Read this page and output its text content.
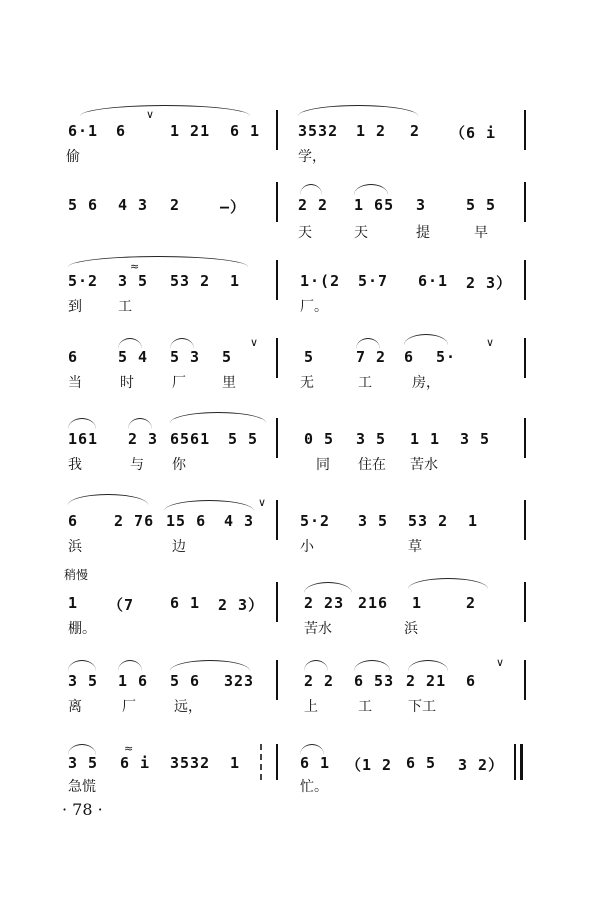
∨
6·1 6	1 21 6 1
偷
3532 1 2 2 （6 i
学，
5 6 4 3 2	–）	2 2 1 65 3	5 5
天	天	提	早
≈
5·2 3 5 53 2 1
到	工
1·(2 5·7 6·1 2 3）
厂。
∨
6	5 4 5 3 5
当	时	厂	里
∨
5	7 2 6 5·
无	工	房，
161 2 3 6561 5 5
我	与 你
0 5 3 5 1 1 3 5
同 住在 苦水
∨
6 2 76 15 6 4 3
浜	边
5·2 3 5 53 2 1
小	草
稍慢
1 （7 6 1 2 3）
棚。
2 23 216 1	2
苦水	浜
3 5 1 6 5 6 323
离	厂	远，
∨
2 2 6 53 2 21 6
上	工	下工
≈
3 5 6 i 3532 1
急慌
6 1 （1 2 6 5 3 2）
忙。
· 78 ·
